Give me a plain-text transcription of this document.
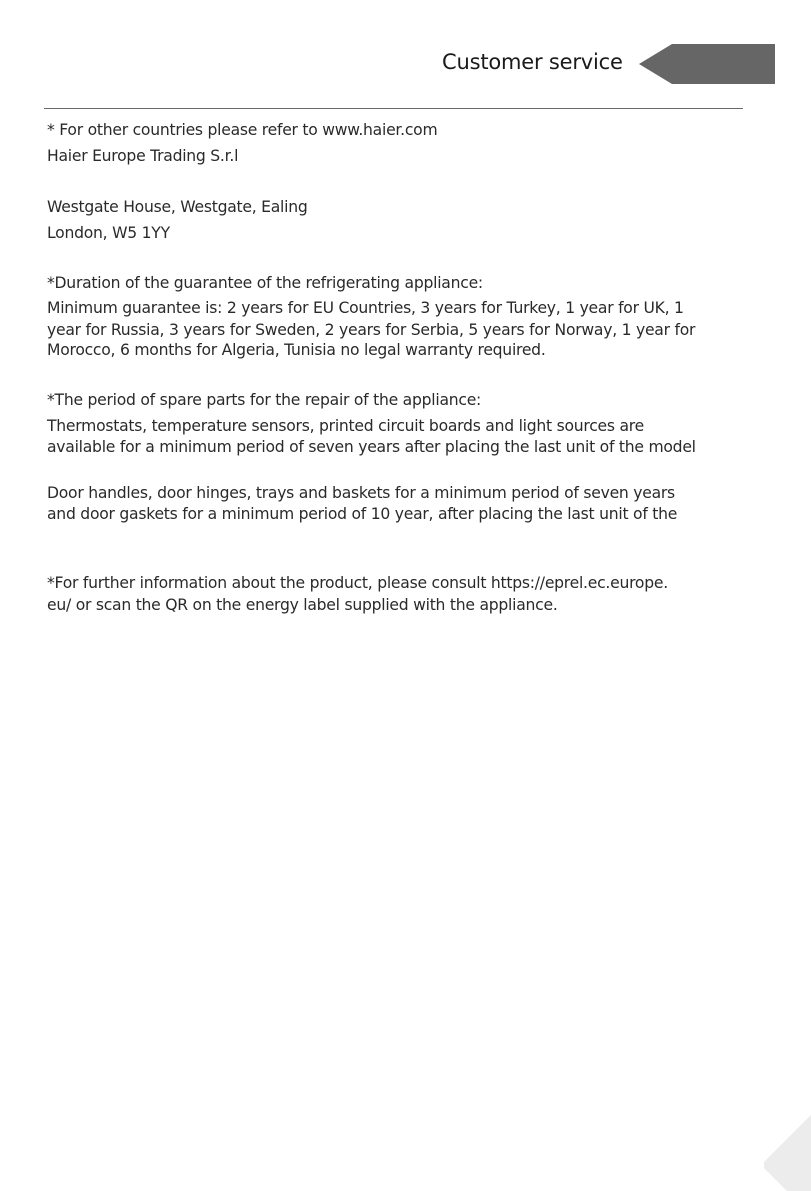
Customer service
* For other countries please refer to www.haier.com
Haier Europe Trading S.r.l
Westgate House, Westgate, Ealing
London, W5 1YY
*Duration of the guarantee of the refrigerating appliance:
Minimum guarantee is: 2 years for EU Countries, 3 years for Turkey, 1 year for UK, 1
year for Russia, 3 years for Sweden, 2 years for Serbia, 5 years for Norway, 1 year for
Morocco, 6 months for Algeria, Tunisia no legal warranty required.
*The period of spare parts for the repair of the appliance:
Thermostats, temperature sensors, printed circuit boards and light sources are
available for a minimum period of seven years after placing the last unit of the model
Door handles, door hinges, trays and baskets for a minimum period of seven years
and door gaskets for a minimum period of 10 year, after placing the last unit of the
*For further information about the product, please consult https://eprel.ec.europe.
eu/ or scan the QR on the energy label supplied with the appliance.
